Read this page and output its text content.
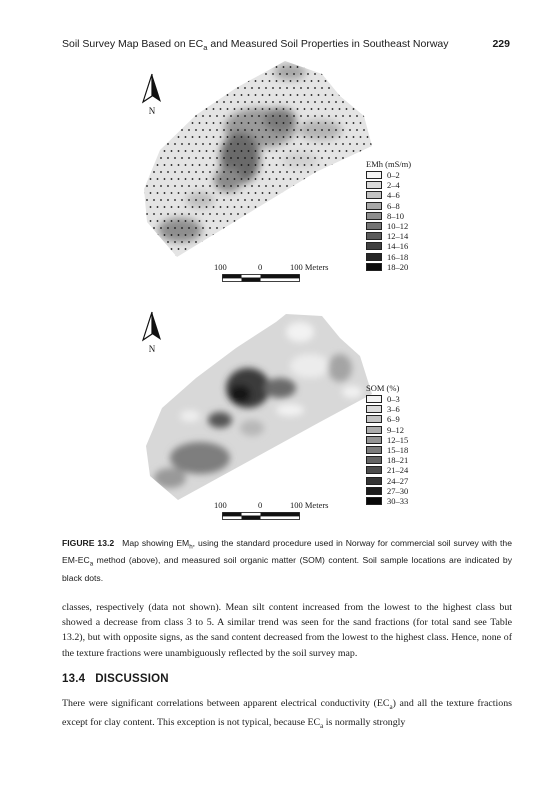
Soil Survey Map Based on $EC_a$ and Measured Soil Properties in Southeast Norway	229
N
EMh (mS/m)
0–2
2–4
4–6
6–8
8–10
10–12
12–14
14–16
16–18
18–20
100	0	100 Meters
N
SOM (%)
0–3
3–6
6–9
9–12
12–15
15–18
18–21
21–24
24–27
27–30
30–33
100	0	100 Meters
FIGURE 13.2 Map showing $EM_h$, using the standard procedure used in Norway for commercial soil survey with the $EM-EC_a$ method (above), and measured soil organic matter (SOM) content. Soil sample locations are indicated by black dots.
classes, respectively (data not shown). Mean silt content increased from the lowest to the highest class but showed a decrease from class 3 to 5. A similar trend was seen for the sand fractions (for total sand see Table 13.2), but with opposite signs, as the sand content decreased from the lowest to the highest class. Hence, none of the texture fractions were unambiguously reflected by the soil survey map.
13.4 DISCUSSION
There were significant correlations between apparent electrical conductivity $(EC_a)$ and all the texture fractions except for clay content. This exception is not typical, because $EC_a$ is normally strongly
